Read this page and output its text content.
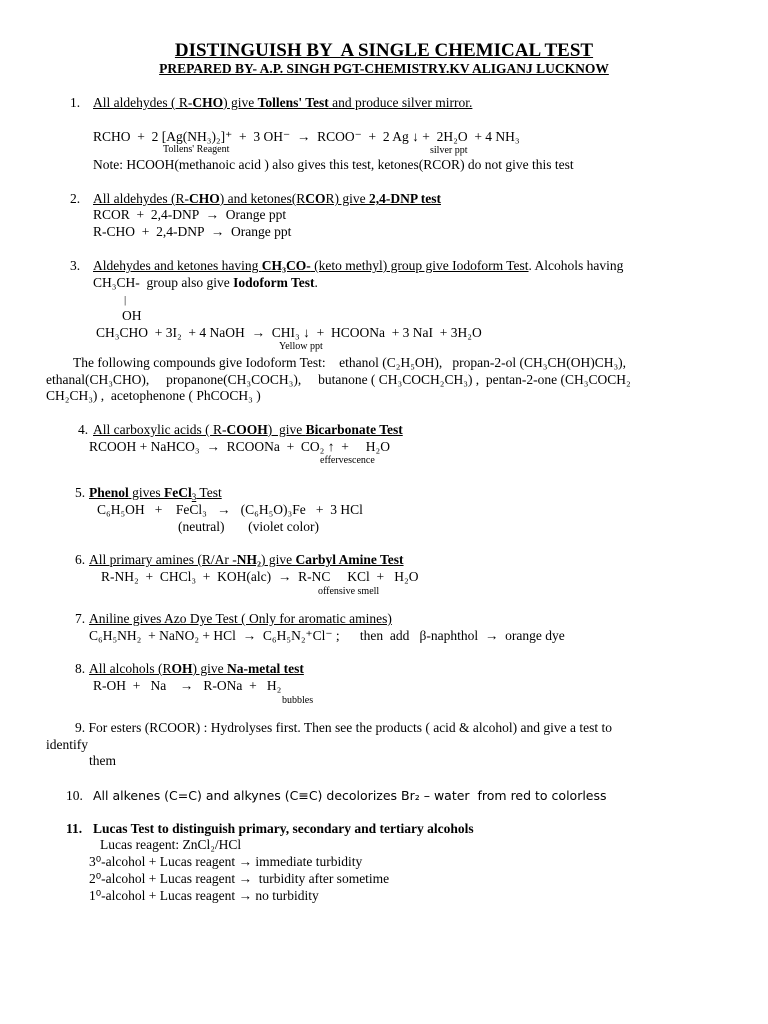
DISTINGUISH BY  A SINGLE CHEMICAL TEST
PREPARED BY- A.P. SINGH PGT-CHEMISTRY.KV ALIGANJ LUCKNOW
1. All aldehydes ( R-CHO) give Tollens' Test and produce silver mirror.
RCHO  +  2 [Ag(NH₃)₂]⁺  +  3 OH⁻  →  RCOO⁻  +  2 Ag ↓ +  2H₂O  + 4 NH₃
Tollens' Reagent	silver ppt
Note: HCOOH(methanoic acid ) also gives this test, ketones(RCOR) do not give this test
2. All aldehydes (R-CHO) and ketones(RCOR) give 2,4-DNP test
RCOR  +  2,4-DNP  →  Orange ppt
R-CHO  +  2,4-DNP  →  Orange ppt
3. Aldehydes and ketones having CH₃CO- (keto methyl) group give Iodoform Test. Alcohols having
CH₃CH-  group also give Iodoform Test.
|
OH
CH₃CHO  + 3I₂  + 4 NaOH  →  CHI₃ ↓  +  HCOONa  + 3 NaI  + 3H₂O
Yellow ppt
The following compounds give Iodoform Test:    ethanol (C₂H₅OH),   propan-2-ol (CH₃CH(OH)CH₃),
ethanal(CH₃CHO),     propanone(CH₃COCH₃),     butanone ( CH₃COCH₂CH₃) ,  pentan-2-one (CH₃COCH₂
CH₂CH₃) ,  acetophenone ( PhCOCH₃ )
4. All carboxylic acids ( R-COOH)  give Bicarbonate Test
RCOOH + NaHCO₃  →  RCOONa  +  CO₂ ↑  +     H₂O
effervescence
5. Phenol gives FeCl$_3$ Test
C₆H₅OH   +    FeCl₃   →   (C₆H₅O)₃Fe   +  3 HCl
(neutral)       (violet color)
6. All primary amines (R/Ar -NH₂) give Carbyl Amine Test
R-NH₂  +  CHCl₃  +  KOH(alc)  →  R-NC     KCl  +   H₂O
offensive smell
7. Aniline gives Azo Dye Test ( Only for aromatic amines)
C₆H₅NH₂  + NaNO₂ + HCl  →  C₆H₅N₂⁺Cl⁻ ;      then  add   β-naphthol  →  orange dye
8. All alcohols (ROH) give Na-metal test
R-OH  +   Na    →   R-ONa  +   H₂
bubbles
9. For esters (RCOOR) : Hydrolyses first. Then see the products ( acid & alcohol) and give a test to
identify
them
10. All alkenes (C=C) and alkynes (C≡C) decolorizes Br₂ – water  from red to colorless
11. Lucas Test to distinguish primary, secondary and tertiary alcohols
Lucas reagent: ZnCl₂/HCl
3⁰-alcohol + Lucas reagent → immediate turbidity
2⁰-alcohol + Lucas reagent →  turbidity after sometime
1⁰-alcohol + Lucas reagent → no turbidity
